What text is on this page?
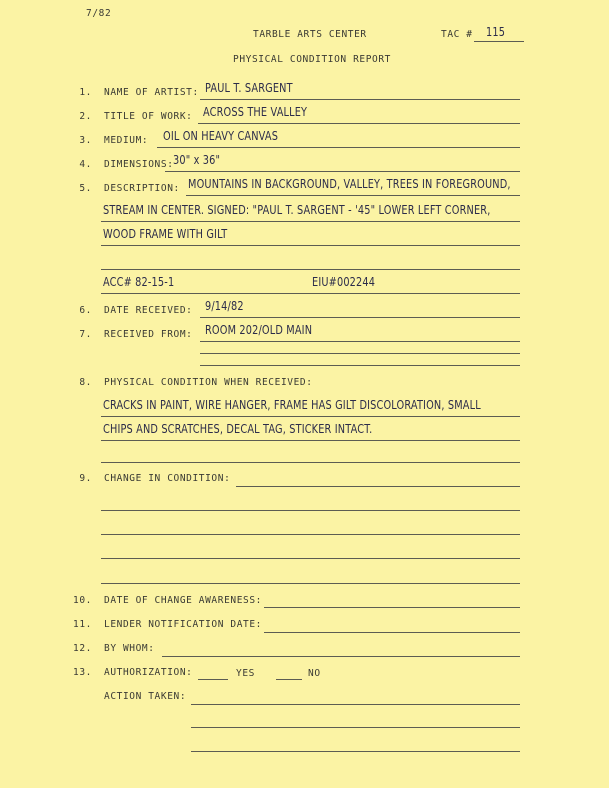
7/82
TARBLE ARTS CENTER	TAC # 115
PHYSICAL CONDITION REPORT
1. NAME OF ARTIST: PAUL T. SARGENT
2. TITLE OF WORK: ACROSS THE VALLEY
3. MEDIUM: OIL ON HEAVY CANVAS
4. DIMENSIONS: 30" x 36"
5. DESCRIPTION: MOUNTAINS IN BACKGROUND, VALLEY, TREES IN FOREGROUND,
STREAM IN CENTER. SIGNED: "PAUL T. SARGENT - '45" LOWER LEFT CORNER,
WOOD FRAME WITH GILT
ACC# 82-15-1	EIU#002244
6. DATE RECEIVED: 9/14/82
7. RECEIVED FROM: ROOM 202/OLD MAIN
8. PHYSICAL CONDITION WHEN RECEIVED:
CRACKS IN PAINT, WIRE HANGER, FRAME HAS GILT DISCOLORATION, SMALL
CHIPS AND SCRATCHES, DECAL TAG, STICKER INTACT.
9. CHANGE IN CONDITION:
10. DATE OF CHANGE AWARENESS:
11. LENDER NOTIFICATION DATE:
12. BY WHOM:
13. AUTHORIZATION:	YES	NO
ACTION TAKEN:
